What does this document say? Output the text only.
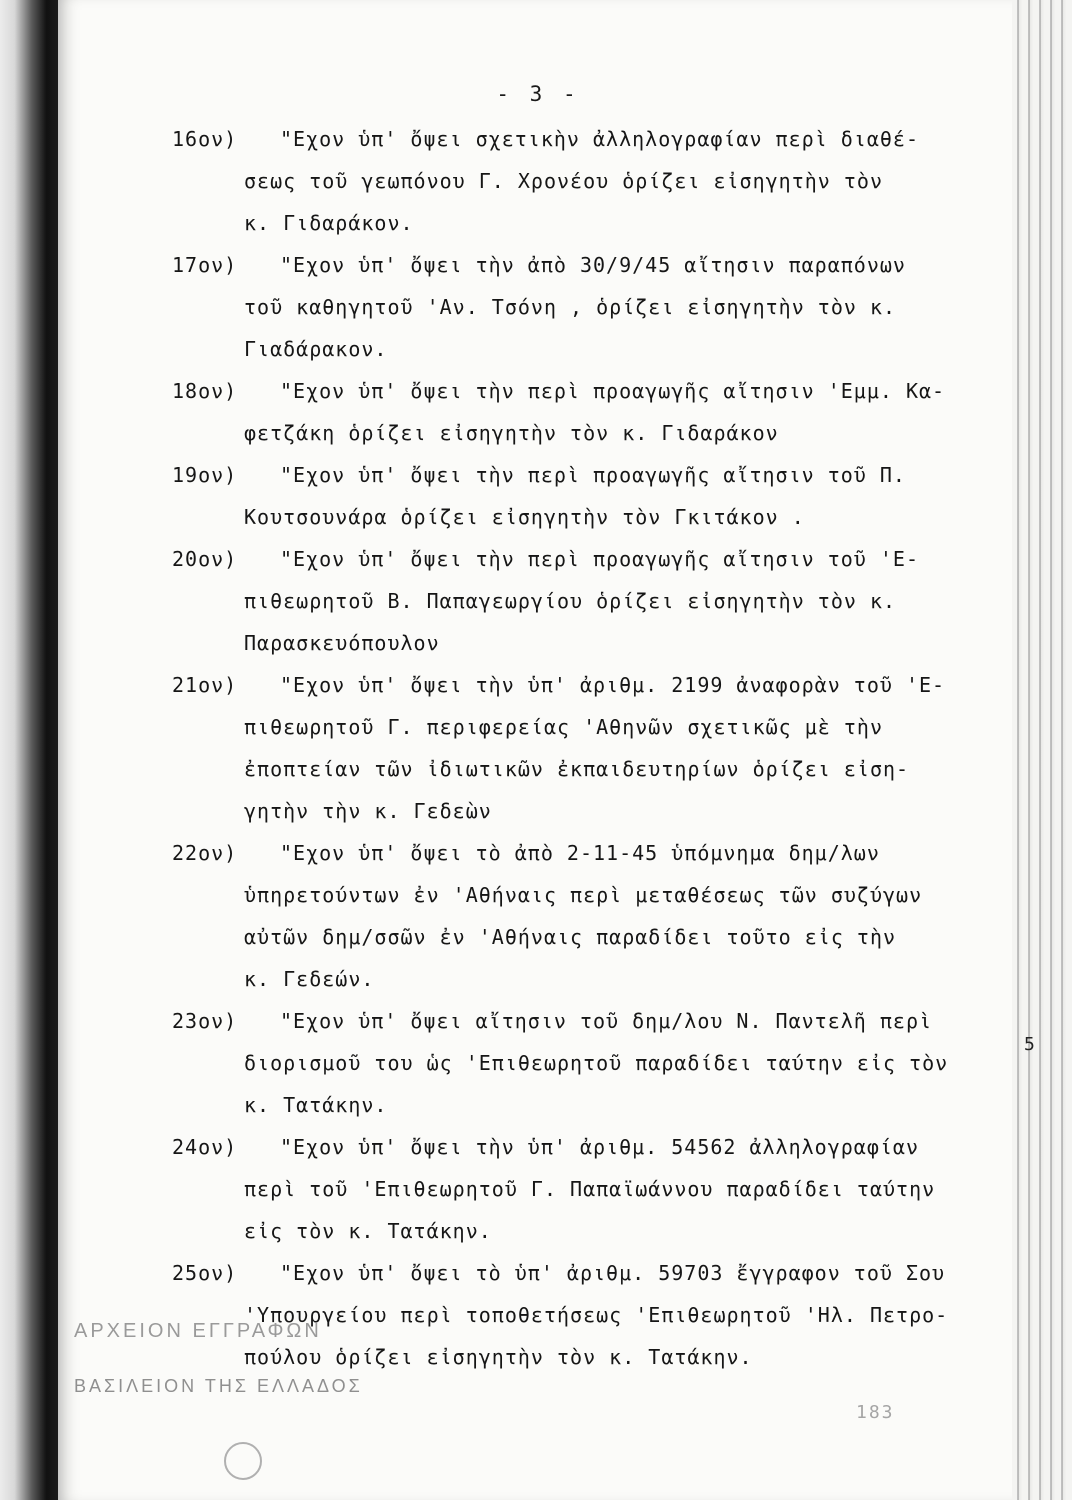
- 3 -
16ον) "Εχον ὑπ' ὄψει σχετικὴν ἀλληλογραφίαν περὶ διαθέ-
σεως τοῦ γεωπόνου Γ. Χρονέου ὁρίζει εἰσηγητὴν τὸν
κ. Γιδαράκον.
17ον) "Εχον ὑπ' ὄψει τὴν ἀπὸ 30/9/45 αἴτησιν παραπόνων
τοῦ καθηγητοῦ 'Αν. Τσόνη , ὁρίζει εἰσηγητὴν τὸν κ.
Γιαδάρακον.
18ον) "Εχον ὑπ' ὄψει τὴν περὶ προαγωγῆς αἴτησιν 'Εμμ. Κα-
φετζάκη ὁρίζει εἰσηγητὴν τὸν κ. Γιδαράκον
19ον) "Εχον ὑπ' ὄψει τὴν περὶ προαγωγῆς αἴτησιν τοῦ Π.
Κουτσουνάρα ὁρίζει εἰσηγητὴν τὸν Γκιτάκον .
20ον) "Εχον ὑπ' ὄψει τὴν περὶ προαγωγῆς αἴτησιν τοῦ 'Ε-
πιθεωρητοῦ Β. Παπαγεωργίου ὁρίζει εἰσηγητὴν τὸν κ.
Παρασκευόπουλον
21ον) "Εχον ὑπ' ὄψει τὴν ὑπ' ἀριθμ. 2199 ἀναφορὰν τοῦ 'Ε-
πιθεωρητοῦ Γ. περιφερείας 'Αθηνῶν σχετικῶς μὲ τὴν
ἐποπτείαν τῶν ἰδιωτικῶν ἐκπαιδευτηρίων ὁρίζει εἰση-
γητὴν τὴν κ. Γεδεὼν
22ον) "Εχον ὑπ' ὄψει τὸ ἀπὸ 2-11-45 ὑπόμνημα δημ/λων
ὑπηρετούντων ἐν 'Αθήναις περὶ μεταθέσεως τῶν συζύγων
αὐτῶν δημ/σσῶν ἐν 'Αθήναις παραδίδει τοῦτο εἰς τὴν
κ. Γεδεών.
23ον) "Εχον ὑπ' ὄψει αἴτησιν τοῦ δημ/λου Ν. Παντελῆ περὶ
διορισμοῦ του ὡς 'Επιθεωρητοῦ παραδίδει ταύτην εἰς τὸν
κ. Τατάκην.
24ον) "Εχον ὑπ' ὄψει τὴν ὑπ' ἀριθμ. 54562 ἀλληλογραφίαν
περὶ τοῦ 'Επιθεωρητοῦ Γ. Παπαϊωάννου παραδίδει ταύτην
εἰς τὸν κ. Τατάκην.
25ον) "Εχον ὑπ' ὄψει τὸ ὑπ' ἀριθμ. 59703 ἔγγραφον τοῦ Σου
'Υπουργείου περὶ τοποθετήσεως 'Επιθεωρητοῦ 'Ηλ. Πετρο-
πούλου ὁρίζει εἰσηγητὴν τὸν κ. Τατάκην.
ΑΡΧΕΙΟΝ ΕΓΓΡΑΦΩΝ
ΒΑΣΙΛΕΙΟΝ ΤΗΣ ΕΛΛΑΔΟΣ
183
5
